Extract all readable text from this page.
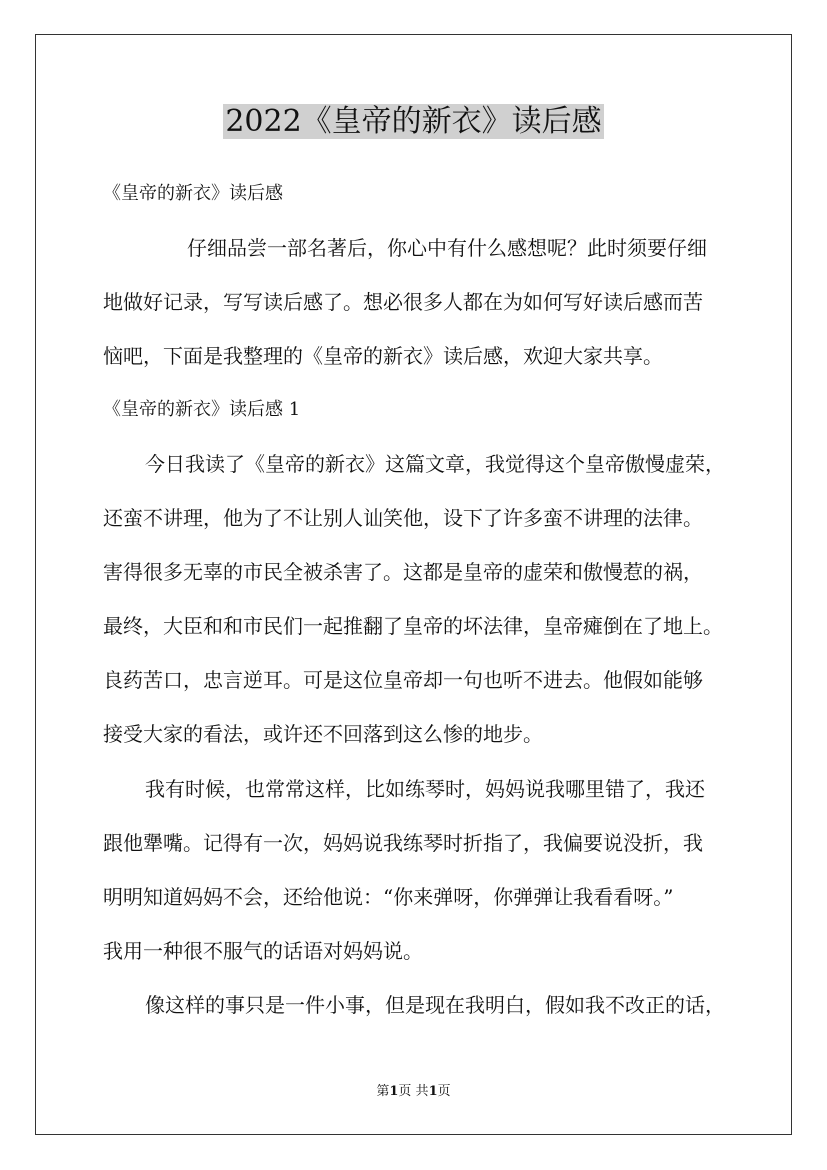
2022《皇帝的新衣》读后感
《皇帝的新衣》读后感
仔细品尝一部名著后，你心中有什么感想呢？此时须要仔细
地做好记录，写写读后感了。想必很多人都在为如何写好读后感而苦
恼吧，下面是我整理的《皇帝的新衣》读后感，欢迎大家共享。
《皇帝的新衣》读后感 1
今日我读了《皇帝的新衣》这篇文章，我觉得这个皇帝傲慢虚荣，
还蛮不讲理，他为了不让别人讪笑他，设下了许多蛮不讲理的法律。
害得很多无辜的市民全被杀害了。这都是皇帝的虚荣和傲慢惹的祸，
最终，大臣和和市民们一起推翻了皇帝的坏法律，皇帝瘫倒在了地上。
良药苦口，忠言逆耳。可是这位皇帝却一句也听不进去。他假如能够
接受大家的看法，或许还不回落到这么惨的地步。
我有时候，也常常这样，比如练琴时，妈妈说我哪里错了，我还
跟他犟嘴。记得有一次，妈妈说我练琴时折指了，我偏要说没折，我
明明知道妈妈不会，还给他说：“你来弹呀，你弹弹让我看看呀。”
我用一种很不服气的话语对妈妈说。
像这样的事只是一件小事，但是现在我明白，假如我不改正的话，
第1页 共1页
